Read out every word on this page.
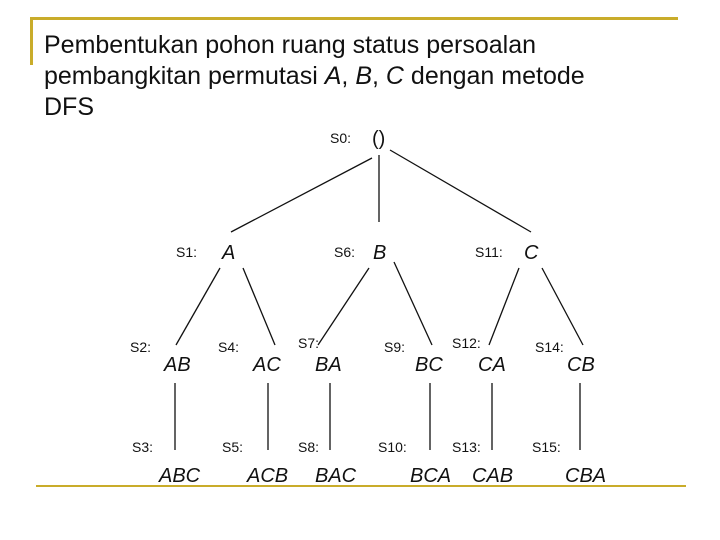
Pembentukan pohon ruang status persoalan
pembangkitan permutasi A, B, C dengan metode
DFS
S0: ()
S1: A	S6: B	S11: C
S2:
AB
S4:
AC
S7:
BA
S9:
BC
S12:
CA
S14:
CB
S3:
ABC
S5:
ACB
S8:
BAC
S10:
BCA
S13:
CAB
S15:
CBA
